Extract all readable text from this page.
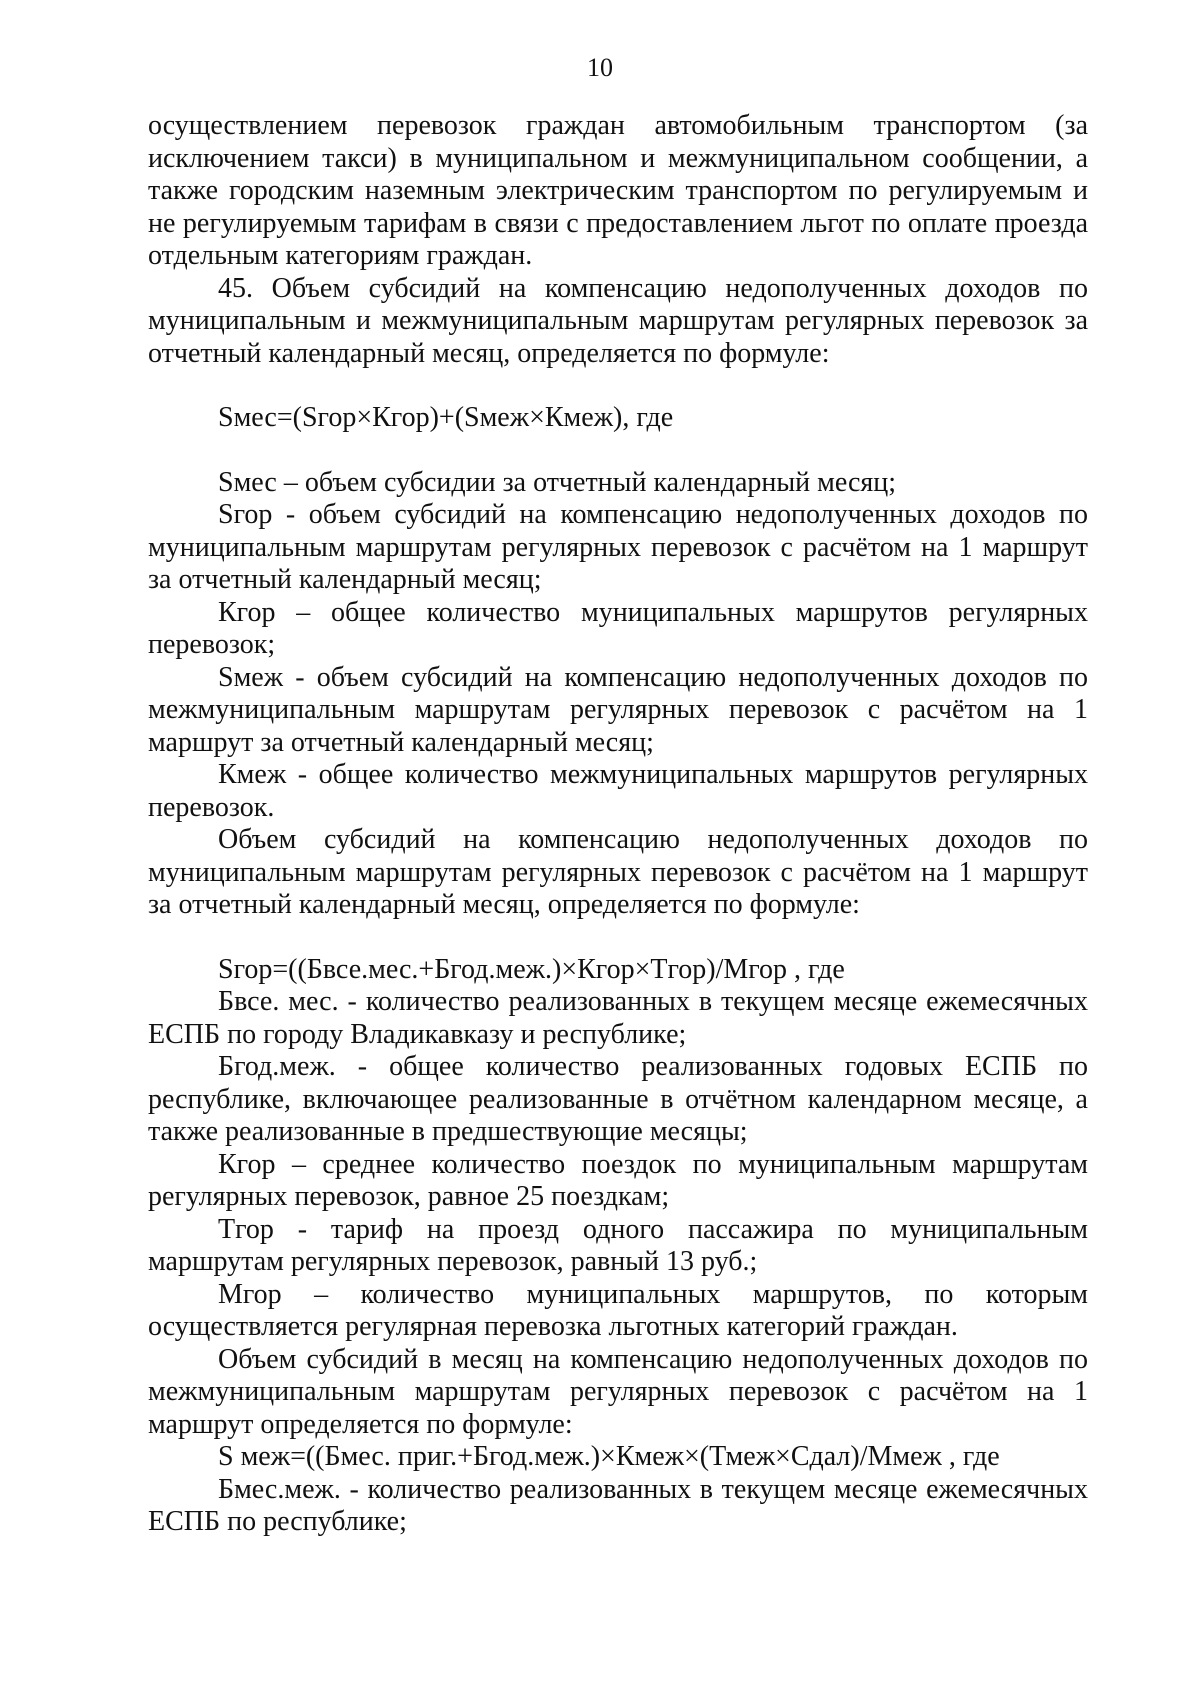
10

осуществлением перевозок граждан автомобильным транспортом (за исключением такси) в муниципальном и межмуниципальном сообщении, а также городским наземным электрическим транспортом по регулируемым и не регулируемым тарифам в связи с предоставлением льгот по оплате проезда отдельным категориям граждан.

45. Объем субсидий на компенсацию недополученных доходов по муниципальным и межмуниципальным маршрутам регулярных перевозок за отчетный календарный месяц, определяется по формуле:

Sмес=(Sгор×Кгор)+(Sмеж×Кмеж), где

Sмес – объем субсидии за отчетный календарный месяц;

Sгор - объем субсидий на компенсацию недополученных доходов по муниципальным маршрутам регулярных перевозок с расчётом на 1 маршрут за отчетный календарный месяц;

Кгор – общее количество муниципальных маршрутов регулярных перевозок;

Sмеж - объем субсидий на компенсацию недополученных доходов по межмуниципальным маршрутам регулярных перевозок с расчётом на 1 маршрут за отчетный календарный месяц;

Кмеж - общее количество межмуниципальных маршрутов регулярных перевозок.

Объем субсидий на компенсацию недополученных доходов по муниципальным маршрутам регулярных перевозок с расчётом на 1 маршрут за отчетный календарный месяц, определяется по формуле:

Sгор=((Бвсе.мес.+Бгод.меж.)×Кгор×Тгор)/Мгор , где

Бвсе. мес. - количество реализованных в текущем месяце ежемесячных ЕСПБ по городу Владикавказу и республике;

Бгод.меж. - общее количество реализованных годовых ЕСПБ по республике, включающее реализованные в отчётном календарном месяце, а также реализованные в предшествующие месяцы;

Кгор – среднее количество поездок по муниципальным маршрутам регулярных перевозок, равное 25 поездкам;

Тгор - тариф на проезд одного пассажира по муниципальным маршрутам регулярных перевозок, равный 13 руб.;

Мгор – количество муниципальных маршрутов, по которым осуществляется регулярная перевозка льготных категорий граждан.

Объем субсидий в месяц на компенсацию недополученных доходов по межмуниципальным маршрутам регулярных перевозок с расчётом на 1 маршрут определяется по формуле:

S меж=((Бмес. приг.+Бгод.меж.)×Кмеж×(Тмеж×Сдал)/Ммеж , где

Бмес.меж. - количество реализованных в текущем месяце ежемесячных ЕСПБ по республике;
